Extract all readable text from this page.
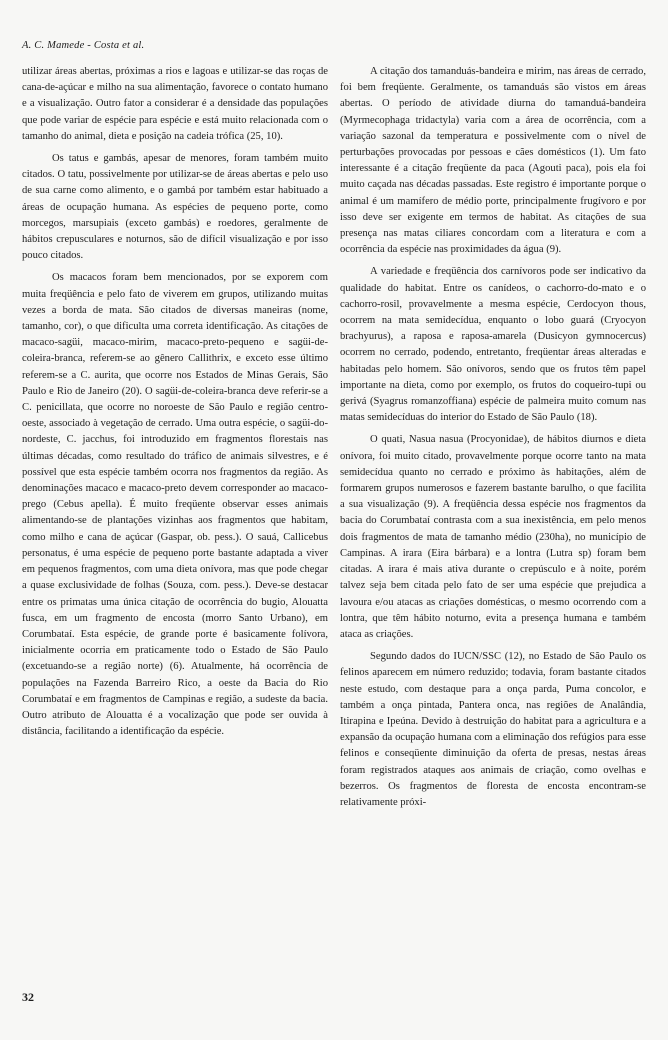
A. C. Mamede - Costa et al.

utilizar áreas abertas, próximas a rios e lagoas e utilizar-se das roças de cana-de-açúcar e milho na sua alimentação, favorece o contato humano e a visualização. Outro fator a considerar é a densidade das populações que pode variar de espécie para espécie e está muito relacionada com o tamanho do animal, dieta e posição na cadeia trófica (25, 10).

Os tatus e gambás, apesar de menores, foram também muito citados. O tatu, possivelmente por utilizar-se de áreas abertas e pelo uso de sua carne como alimento, e o gambá por também estar habituado a áreas de ocupação humana. As espécies de pequeno porte, como morcegos, marsupiais (exceto gambás) e roedores, geralmente de hábitos crepusculares e noturnos, são de difícil visualização e por isso pouco citados.

Os macacos foram bem mencionados, por se exporem com muita freqüência e pelo fato de viverem em grupos, utilizando muitas vezes a borda de mata. São citados de diversas maneiras (nome, tamanho, cor), o que dificulta uma correta identificação. As citações de macaco-sagüi, macaco-mirim, macaco-preto-pequeno e sagüi-de-coleira-branca, referem-se ao gênero Callithrix, e exceto esse último referem-se a C. aurita, que ocorre nos Estados de Minas Gerais, São Paulo e Rio de Janeiro (20). O sagüi-de-coleira-branca deve referir-se a C. penicillata, que ocorre no noroeste de São Paulo e região centro-oeste, associado à vegetação de cerrado. Uma outra espécie, o sagüi-do-nordeste, C. jacchus, foi introduzido em fragmentos florestais nas últimas décadas, como resultado do tráfico de animais silvestres, e é possível que esta espécie também ocorra nos fragmentos da região. As denominações macaco e macaco-preto devem corresponder ao macaco-prego (Cebus apella). É muito freqüente observar esses animais alimentando-se de plantações vizinhas aos fragmentos que habitam, como milho e cana de açúcar (Gaspar, ob. pess.). O sauá, Callicebus personatus, é uma espécie de pequeno porte bastante adaptada a viver em pequenos fragmentos, com uma dieta onívora, mas que pode chegar a quase exclusividade de folhas (Souza, com. pess.). Deve-se destacar entre os primatas uma única citação de ocorrência do bugio, Alouatta fusca, em um fragmento de encosta (morro Santo Urbano), em Corumbataí. Esta espécie, de grande porte é basicamente folívora, inicialmente ocorria em praticamente todo o Estado de São Paulo (excetuando-se a região norte) (6). Atualmente, há ocorrência de populações na Fazenda Barreiro Rico, a oeste da Bacia do Rio Corumbataí e em fragmentos de Campinas e região, a sudeste da bacia. Outro atributo de Alouatta é a vocalização que pode ser ouvida à distância, facilitando a identificação da espécie.

A citação dos tamanduás-bandeira e mirim, nas áreas de cerrado, foi bem freqüente. Geralmente, os tamanduás são vistos em áreas abertas. O período de atividade diurna do tamanduá-bandeira (Myrmecophaga tridactyla) varia com a área de ocorrência, com a variação sazonal da temperatura e possivelmente com o nível de perturbações provocadas por pessoas e cães domésticos (1). Um fato interessante é a citação freqüente da paca (Agouti paca), pois ela foi muito caçada nas décadas passadas. Este registro é importante porque o animal é um mamífero de médio porte, principalmente frugívoro e por isso deve ser exigente em termos de habitat. As citações de sua presença nas matas ciliares concordam com a literatura e com a ocorrência da espécie nas proximidades da água (9).

A variedade e freqüência dos carnívoros pode ser indicativo da qualidade do habitat. Entre os canídeos, o cachorro-do-mato e o cachorro-rosil, provavelmente a mesma espécie, Cerdocyon thous, ocorrem na mata semidecídua, enquanto o lobo guará (Cryocyon brachyurus), a raposa e raposa-amarela (Dusicyon gymnocercus) ocorrem no cerrado, podendo, entretanto, freqüentar áreas alteradas e habitadas pelo homem. São onívoros, sendo que os frutos têm papel importante na dieta, como por exemplo, os frutos do coqueiro-tupi ou gerivá (Syagrus romanzoffiana) espécie de palmeira muito comum nas matas semidecíduas do interior do Estado de São Paulo (18).

O quati, Nasua nasua (Procyonidae), de hábitos diurnos e dieta onívora, foi muito citado, provavelmente porque ocorre tanto na mata semidecídua quanto no cerrado e próximo às habitações, além de formarem grupos numerosos e fazerem bastante barulho, o que facilita a sua visualização (9). A freqüência dessa espécie nos fragmentos da bacia do Corumbataí contrasta com a sua inexistência, em pelo menos dois fragmentos de mata de tamanho médio (230ha), no município de Campinas. A irara (Eira bárbara) e a lontra (Lutra sp) foram bem citadas. A irara é mais ativa durante o crepúsculo e à noite, porém talvez seja bem citada pelo fato de ser uma espécie que prejudica a lavoura e/ou atacas as criações domésticas, o mesmo ocorrendo com a lontra, que têm hábito noturno, evita a presença humana e também ataca as criações.

Segundo dados do IUCN/SSC (12), no Estado de São Paulo os felinos aparecem em número reduzido; todavia, foram bastante citados neste estudo, com destaque para a onça parda, Puma concolor, e também a onça pintada, Pantera onca, nas regiões de Analândia, Itirapina e Ipeúna. Devido à destruição do habitat para a agricultura e a expansão da ocupação humana com a eliminação dos refúgios para esse felinos e conseqüente diminuição da oferta de presas, nestas áreas foram registrados ataques aos animais de criação, como ovelhas e bezerros. Os fragmentos de floresta de encosta encontram-se relativamente próxi-

32
